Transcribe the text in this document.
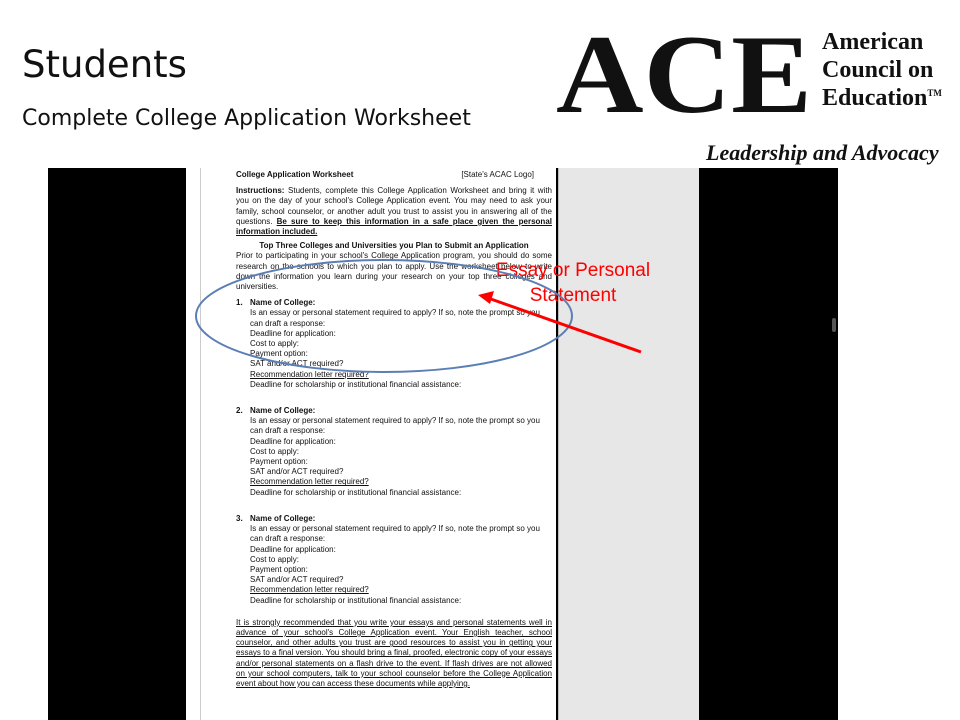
Students
Complete College Application Worksheet ACE American
Council on
Education™
Leadership and Advocacy
College Application Worksheet	[State's ACAC Logo]
Instructions: Students, complete this College Application Worksheet and bring it with you on the day of your school's College Application event. You may need to ask your family, school counselor, or another adult you trust to assist you in answering all of the questions. Be sure to keep this information in a safe place given the personal information included.
Top Three Colleges and Universities you Plan to Submit an Application
Prior to participating in your school's College Application program, you should do some research on the schools to which you plan to apply. Use the worksheet below to write down the information you learn during your research on your top three colleges and universities.
1. Name of College:
Is an essay or personal statement required to apply? If so, note the prompt so you can draft a response:
Deadline for application:
Cost to apply:
Payment option:
SAT and/or ACT required?
Recommendation letter required?
Deadline for scholarship or institutional financial assistance:
2. Name of College:
Is an essay or personal statement required to apply? If so, note the prompt so you can draft a response:
Deadline for application:
Cost to apply:
Payment option:
SAT and/or ACT required?
Recommendation letter required?
Deadline for scholarship or institutional financial assistance:
3. Name of College:
Is an essay or personal statement required to apply? If so, note the prompt so you can draft a response:
Deadline for application:
Cost to apply:
Payment option:
SAT and/or ACT required?
Recommendation letter required?
Deadline for scholarship or institutional financial assistance:
It is strongly recommended that you write your essays and personal statements well in advance of your school's College Application event. Your English teacher, school counselor, and other adults you trust are good resources to assist you in getting your essays to a final version. You should bring a final, proofed, electronic copy of your essays and/or personal statements on a flash drive to the event. If flash drives are not allowed on your school computers, talk to your school counselor before the College Application event about how you can access these documents while applying.
Essay or Personal
Statement
